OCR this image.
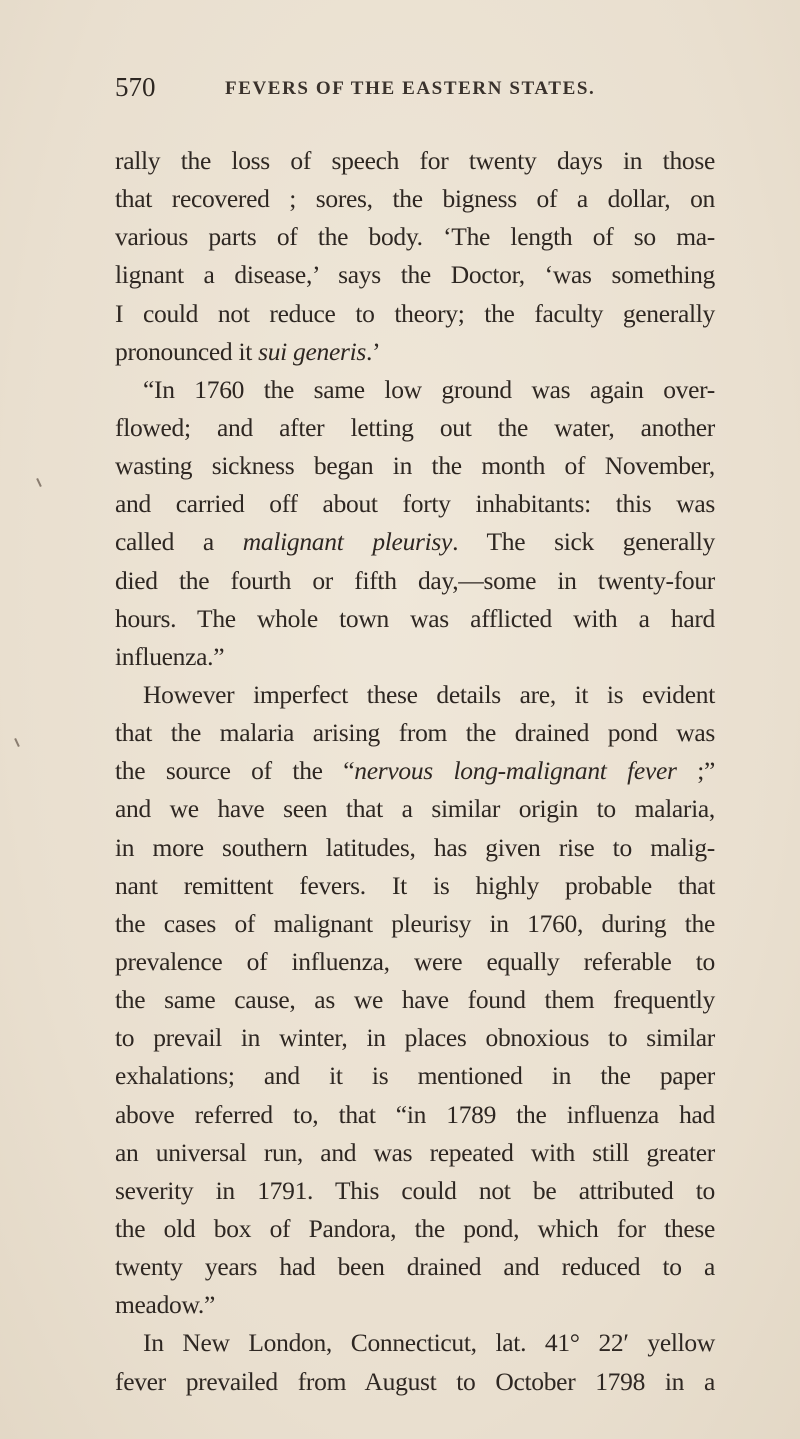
570	FEVERS OF THE EASTERN STATES.
rally the loss of speech for twenty days in those
that recovered ; sores, the bigness of a dollar, on
various parts of the body. ‘The length of so ma-
lignant a disease,’ says the Doctor, ‘was something
I could not reduce to theory; the faculty generally
pronounced it sui generis.’
“In 1760 the same low ground was again over-
flowed; and after letting out the water, another
wasting sickness began in the month of November,
and carried off about forty inhabitants: this was
called a malignant pleurisy. The sick generally
died the fourth or fifth day,—some in twenty-four
hours. The whole town was afflicted with a hard
influenza.”
However imperfect these details are, it is evident
that the malaria arising from the drained pond was
the source of the “nervous long-malignant fever ;”
and we have seen that a similar origin to malaria,
in more southern latitudes, has given rise to malig-
nant remittent fevers. It is highly probable that
the cases of malignant pleurisy in 1760, during the
prevalence of influenza, were equally referable to
the same cause, as we have found them frequently
to prevail in winter, in places obnoxious to similar
exhalations; and it is mentioned in the paper
above referred to, that “in 1789 the influenza had
an universal run, and was repeated with still greater
severity in 1791. This could not be attributed to
the old box of Pandora, the pond, which for these
twenty years had been drained and reduced to a
meadow.”
In New London, Connecticut, lat. 41° 22′ yellow
fever prevailed from August to October 1798 in a
